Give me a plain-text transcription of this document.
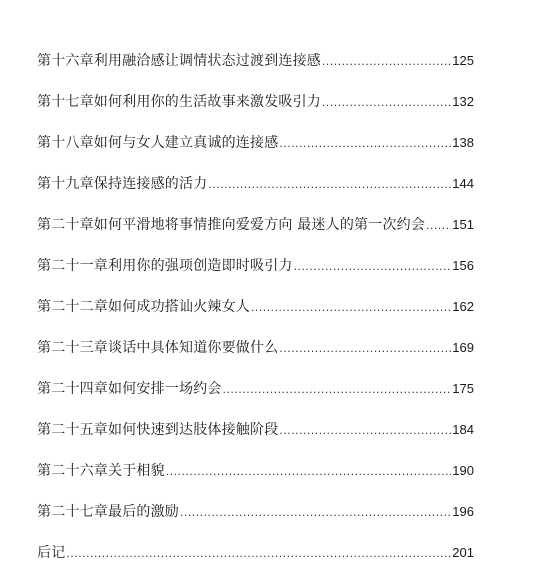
第十六章利用融洽感让调情状态过渡到连接感 .....	125
第十七章如何利用你的生活故事来激发吸引力 .....	132
第十八章如何与女人建立真诚的连接感 .....	138
第十九章保持连接感的活力 .....	144
第二十章如何平滑地将事情推向爱爱方向 最迷人的第一次约会 ..... 151
第二十一章利用你的强项创造即时吸引力 .....	156
第二十二章如何成功搭讪火辣女人 .....	162
第二十三章谈话中具体知道你要做什么 .....	169
第二十四章如何安排一场约会 .....	175
第二十五章如何快速到达肢体接触阶段 .....	184
第二十六章关于相貌 .....	190
第二十七章最后的激励 .....	196
后记 .....	201
